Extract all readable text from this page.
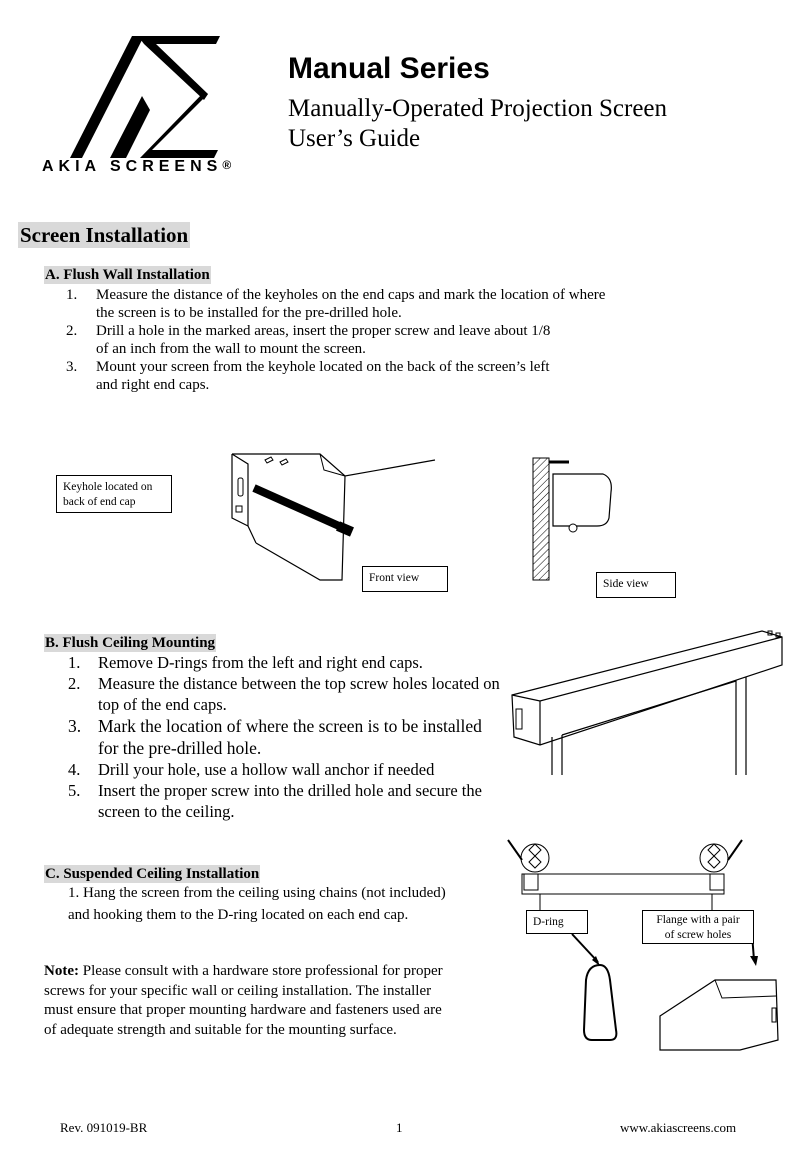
AKIA SCREENS®
Manual Series
Manually-Operated Projection Screen
User’s Guide
Screen Installation
A. Flush Wall Installation
1. Measure the distance of the keyholes on the end caps and mark the location of where
the screen is to be installed for the pre-drilled hole.
2. Drill a hole in the marked areas, insert the proper screw and leave about 1/8
of an inch from the wall to mount the screen.
3. Mount your screen from the keyhole located on the back of the screen’s left
and right end caps.
Keyhole located on
back of end cap
Front view	Side view
B. Flush Ceiling Mounting
1. Remove D-rings from the left and right end caps.
2. Measure the distance between the top screw holes located on
top of the end caps.
3. Mark the location of where the screen is to be installed
for the pre-drilled hole.
4. Drill your hole, use a hollow wall anchor if needed
5. Insert the proper screw into the drilled hole and secure the
screen to the ceiling.
C. Suspended Ceiling Installation
1. Hang the screen from the ceiling using chains (not included)
and hooking them to the D-ring located on each end cap.	D-ring	Flange with a pair
of screw holes
Note: Please consult with a hardware store professional for proper
screws for your specific wall or ceiling installation. The installer
must ensure that proper mounting hardware and fasteners used are
of adequate strength and suitable for the mounting surface.
Rev. 091019-BR	1	www.akiascreens.com
